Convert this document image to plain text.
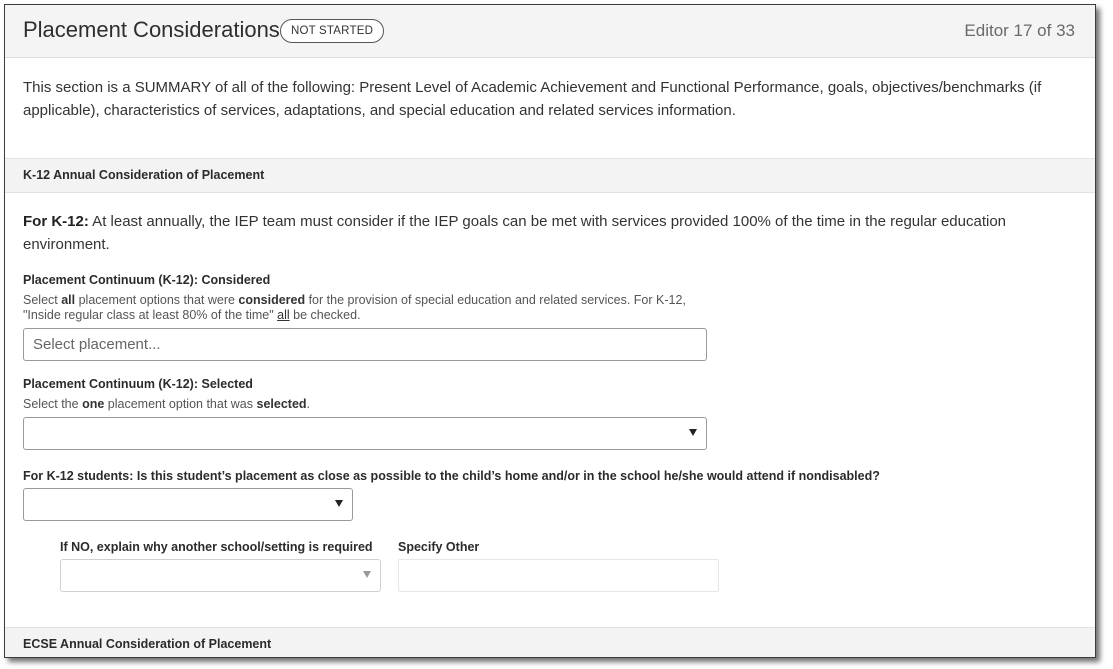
Placement Considerations NOT STARTED	Editor 17 of 33

This section is a SUMMARY of all of the following: Present Level of Academic Achievement and Functional Performance, goals, objectives/benchmarks (if applicable), characteristics of services, adaptations, and special education and related services information.

K-12 Annual Consideration of Placement

For K-12: At least annually, the IEP team must consider if the IEP goals can be met with services provided 100% of the time in the regular education environment.

Placement Continuum (K-12): Considered
Select all placement options that were considered for the provision of special education and related services. For K-12, "Inside regular class at least 80% of the time" all be checked.
Select placement...
Placement Continuum (K-12): Selected
Select the one placement option that was selected.
For K-12 students: Is this student’s placement as close as possible to the child’s home and/or in the school he/she would attend if nondisabled?
If NO, explain why another school/setting is required Specify Other
ECSE Annual Consideration of Placement
